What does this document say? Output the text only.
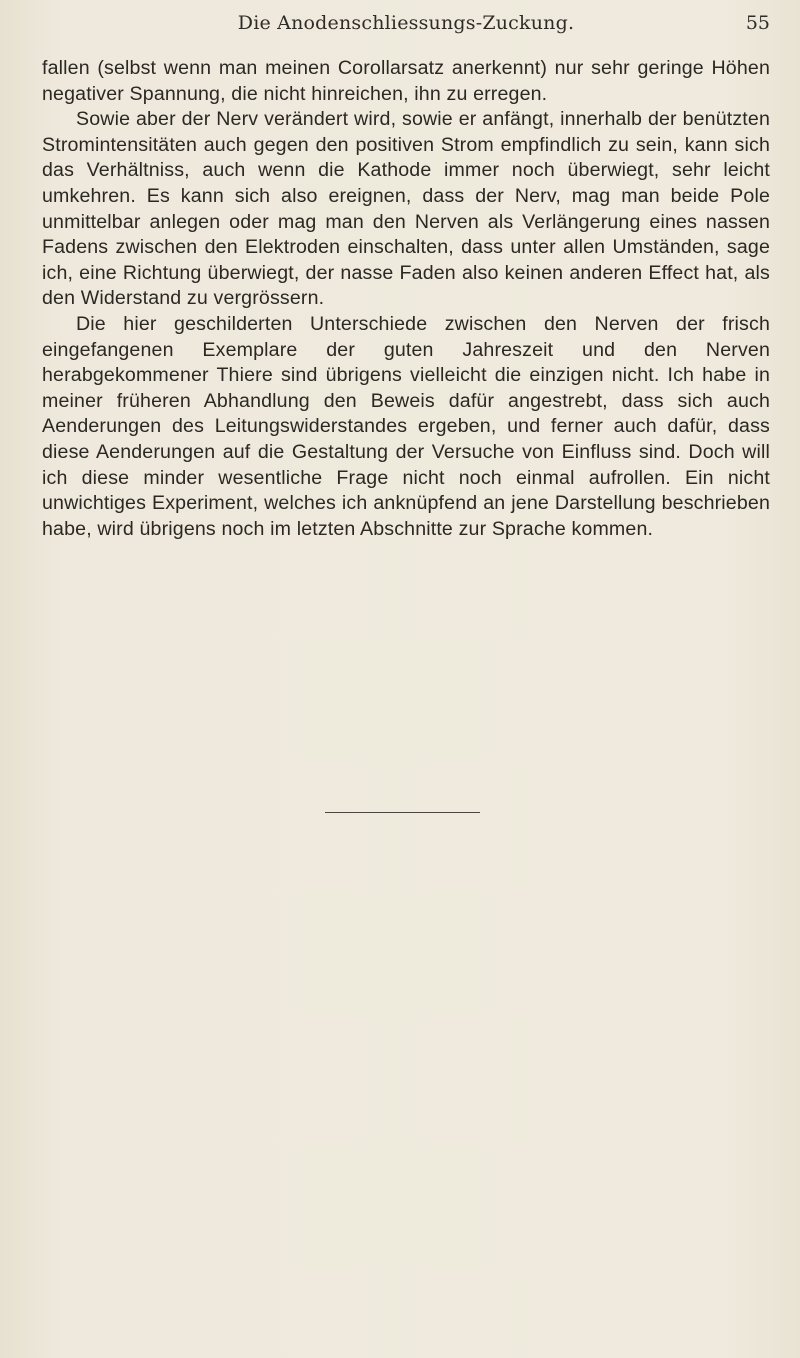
Die Anodenschliessungs-Zuckung.	55

fallen (selbst wenn man meinen Corollarsatz anerkennt) nur sehr geringe Höhen negativer Spannung, die nicht hinreichen, ihn zu erregen.

Sowie aber der Nerv verändert wird, sowie er anfängt, innerhalb der benützten Stromintensitäten auch gegen den positiven Strom empfindlich zu sein, kann sich das Verhältniss, auch wenn die Kathode immer noch überwiegt, sehr leicht umkehren. Es kann sich also ereignen, dass der Nerv, mag man beide Pole unmittelbar anlegen oder mag man den Nerven als Verlängerung eines nassen Fadens zwischen den Elektroden einschalten, dass unter allen Umständen, sage ich, eine Richtung überwiegt, der nasse Faden also keinen anderen Effect hat, als den Widerstand zu vergrössern.

Die hier geschilderten Unterschiede zwischen den Nerven der frisch eingefangenen Exemplare der guten Jahreszeit und den Nerven herabgekommener Thiere sind übrigens vielleicht die einzigen nicht. Ich habe in meiner früheren Abhandlung den Beweis dafür angestrebt, dass sich auch Aenderungen des Leitungswiderstandes ergeben, und ferner auch dafür, dass diese Aenderungen auf die Gestaltung der Versuche von Einfluss sind. Doch will ich diese minder wesentliche Frage nicht noch einmal aufrollen. Ein nicht unwichtiges Experiment, welches ich anknüpfend an jene Darstellung beschrieben habe, wird übrigens noch im letzten Abschnitte zur Sprache kommen.
